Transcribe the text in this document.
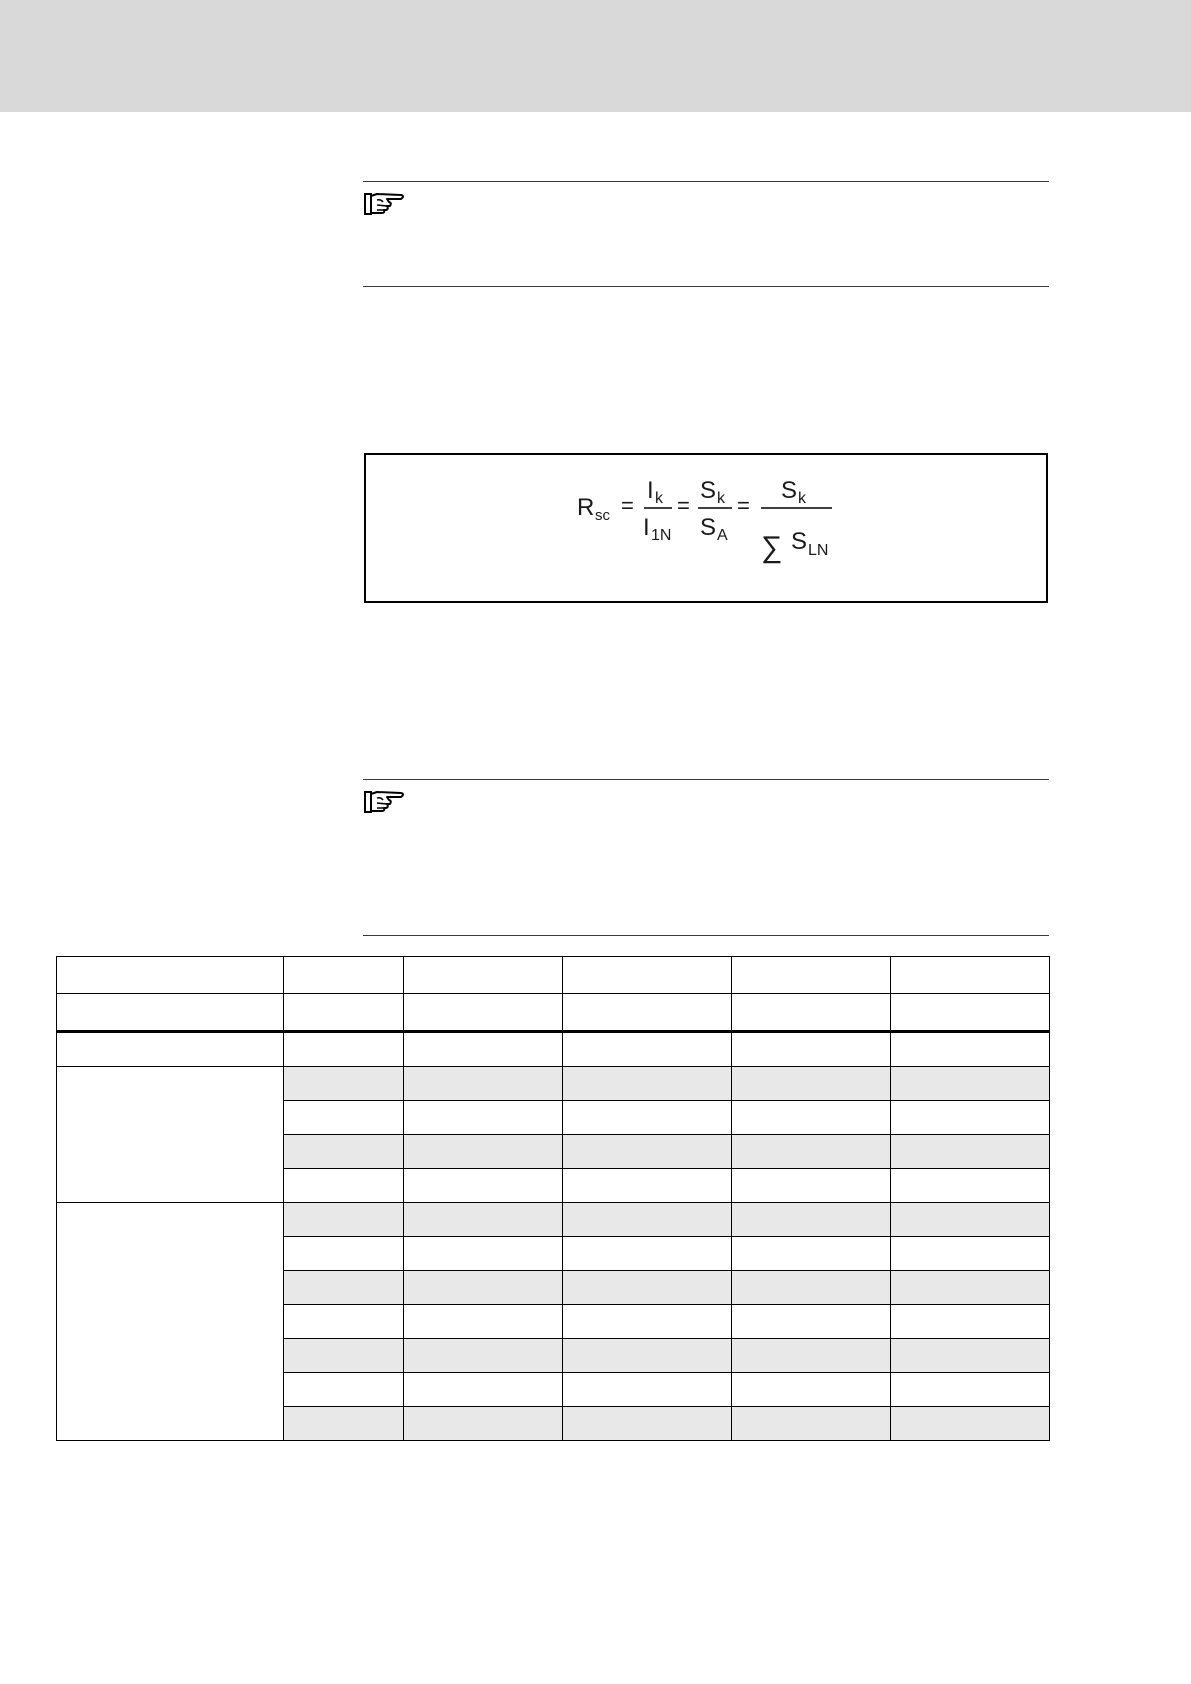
R sc =
I k
I 1N
=
S k
S A
=
S k
∑ S LN
